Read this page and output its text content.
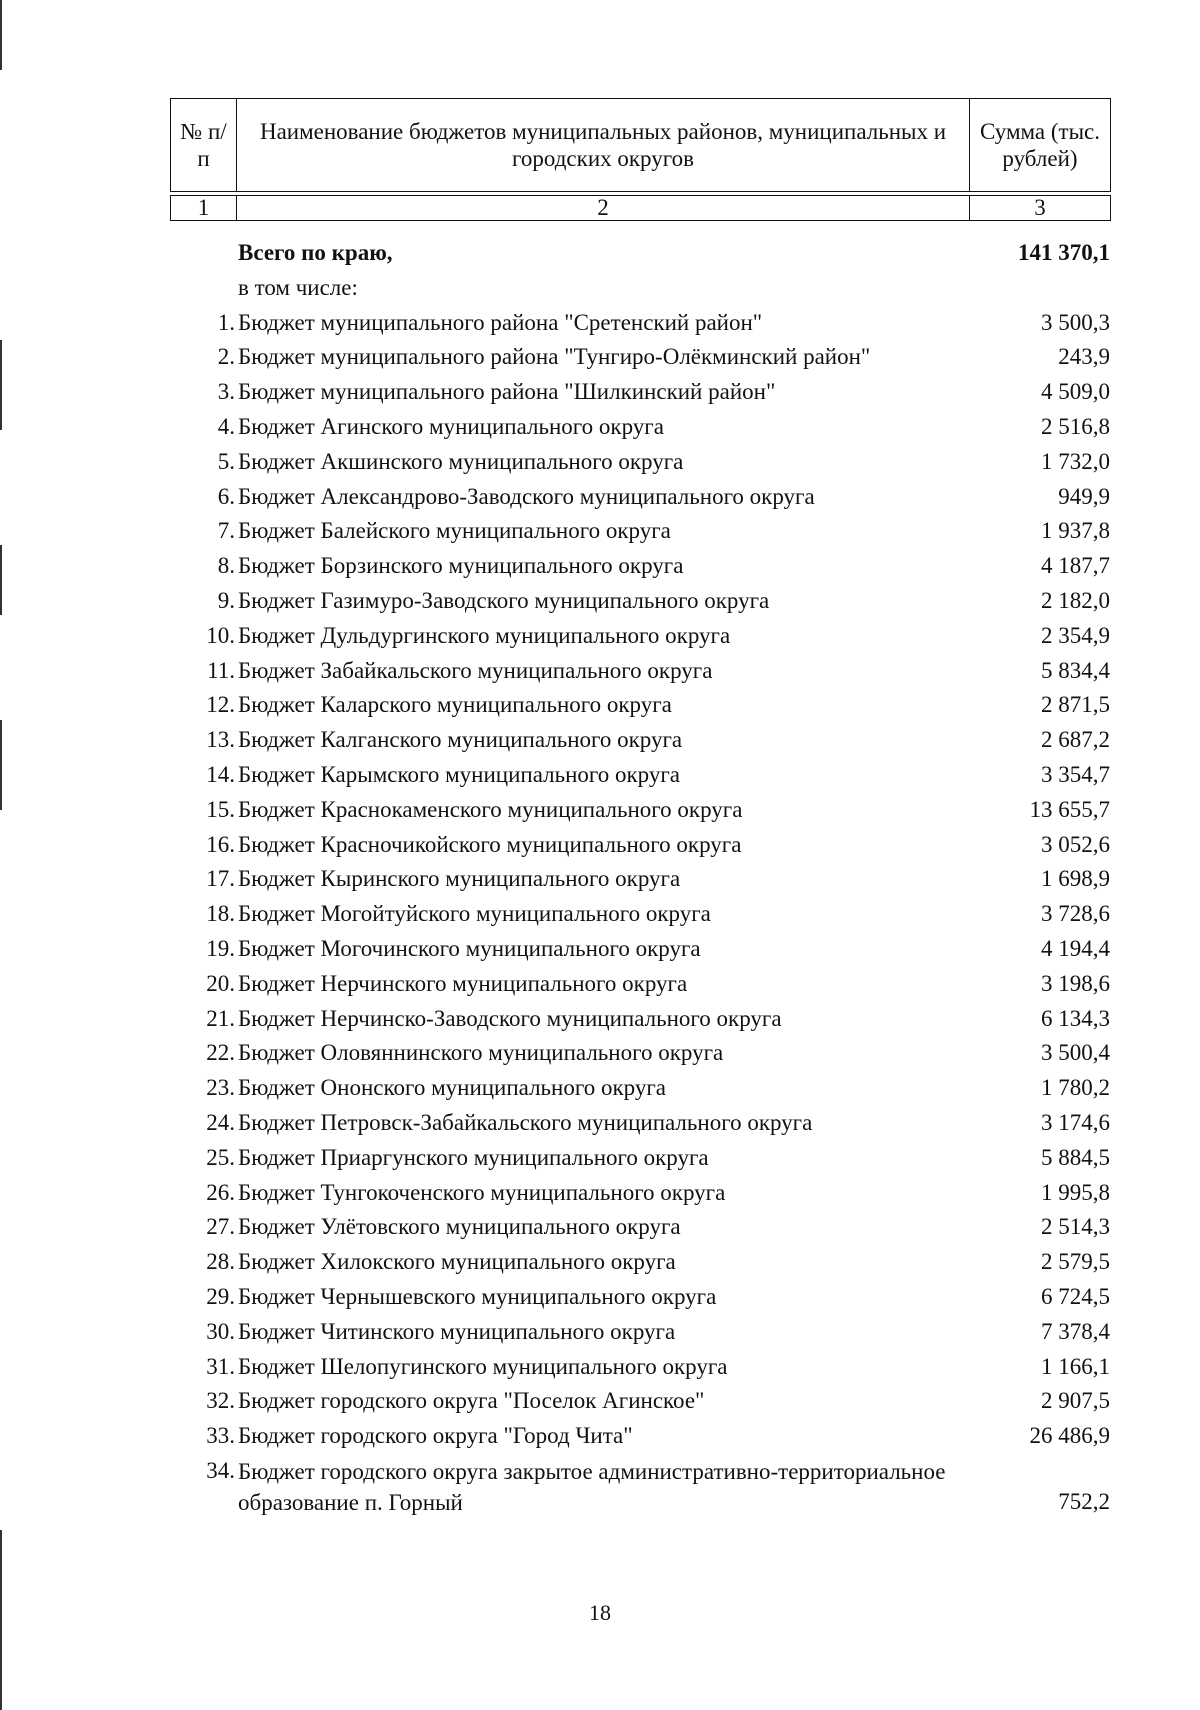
№ п/п	Наименование бюджетов муниципальных районов, муниципальных и городских округов	Сумма (тыс. рублей)

1	2	3
Всего по краю,	141 370,1
в том числе:
1. Бюджет муниципального района "Сретенский район"	3 500,3
2. Бюджет муниципального района "Тунгиро-Олёкминский район"	243,9
3. Бюджет муниципального района "Шилкинский район"	4 509,0
4. Бюджет Агинского муниципального округа	2 516,8
5. Бюджет Акшинского муниципального округа	1 732,0
6. Бюджет Александрово-Заводского муниципального округа	949,9
7. Бюджет Балейского муниципального округа	1 937,8
8. Бюджет Борзинского муниципального округа	4 187,7
9. Бюджет Газимуро-Заводского муниципального округа	2 182,0
10. Бюджет Дульдургинского муниципального округа	2 354,9
11. Бюджет Забайкальского муниципального округа	5 834,4
12. Бюджет Каларского муниципального округа	2 871,5
13. Бюджет Калганского муниципального округа	2 687,2
14. Бюджет Карымского муниципального округа	3 354,7
15. Бюджет Краснокаменского муниципального округа	13 655,7
16. Бюджет Красночикойского муниципального округа	3 052,6
17. Бюджет Кыринского муниципального округа	1 698,9
18. Бюджет Могойтуйского муниципального округа	3 728,6
19. Бюджет Могочинского муниципального округа	4 194,4
20. Бюджет Нерчинского муниципального округа	3 198,6
21. Бюджет Нерчинско-Заводского муниципального округа	6 134,3
22. Бюджет Оловяннинского муниципального округа	3 500,4
23. Бюджет Ононского муниципального округа	1 780,2
24. Бюджет Петровск-Забайкальского муниципального округа	3 174,6
25. Бюджет Приаргунского муниципального округа	5 884,5
26. Бюджет Тунгокоченского муниципального округа	1 995,8
27. Бюджет Улётовского муниципального округа	2 514,3
28. Бюджет Хилокского муниципального округа	2 579,5
29. Бюджет Чернышевского муниципального округа	6 724,5
30. Бюджет Читинского муниципального округа	7 378,4
31. Бюджет Шелопугинского муниципального округа	1 166,1
32. Бюджет городского округа "Поселок Агинское"	2 907,5
33. Бюджет городского округа "Город Чита"	26 486,9
34. Бюджет городского округа закрытое административно-территориальное образование п. Горный	752,2
18
